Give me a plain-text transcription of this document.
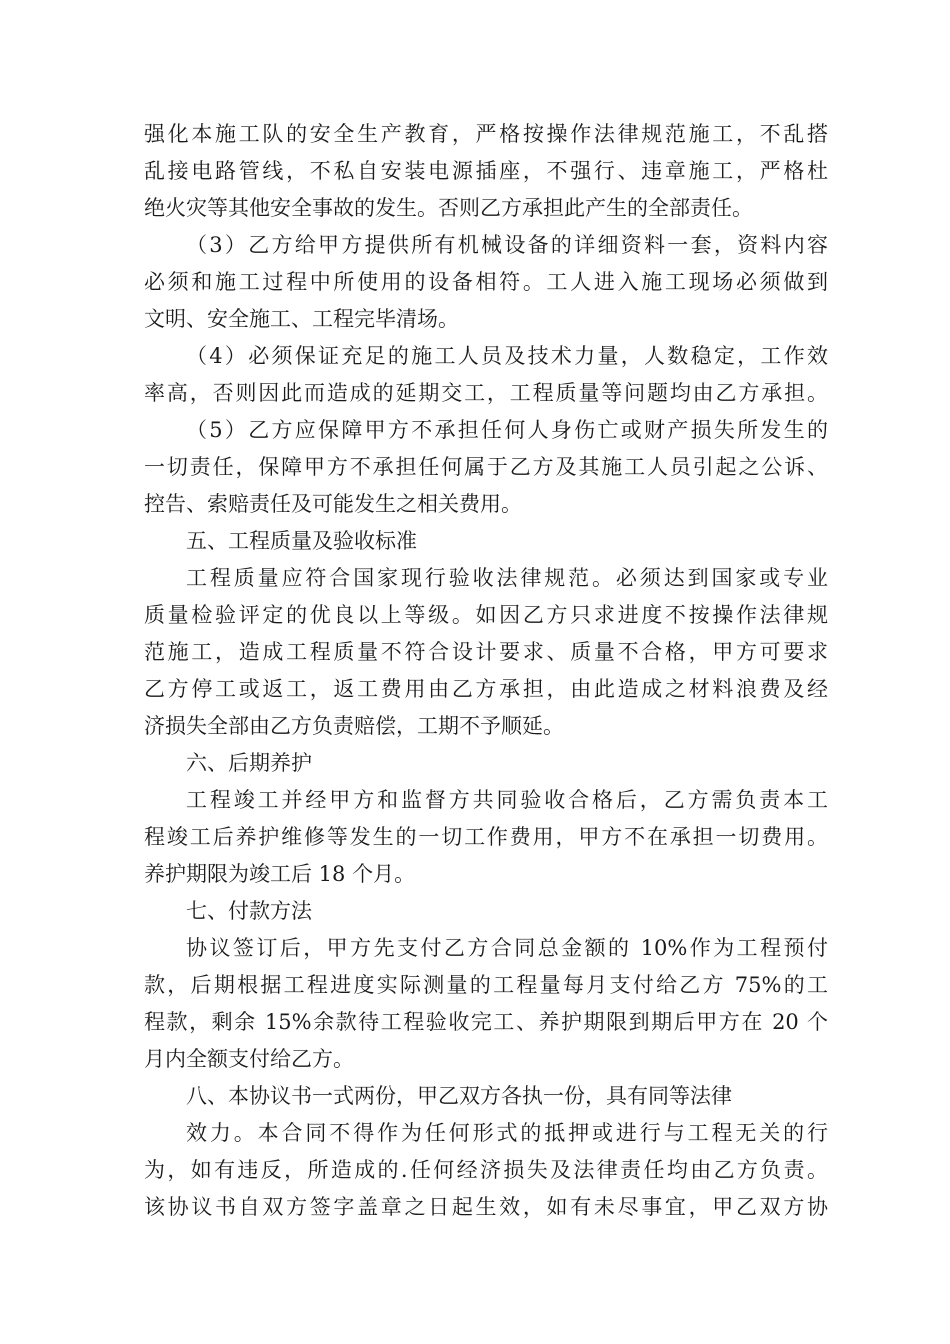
强化本施工队的安全生产教育，严格按操作法律规范施工，不乱搭
乱接电路管线，不私自安装电源插座，不强行、违章施工，严格杜
绝火灾等其他安全事故的发生。否则乙方承担此产生的全部责任。
（3）乙方给甲方提供所有机械设备的详细资料一套，资料内容
必须和施工过程中所使用的设备相符。工人进入施工现场必须做到
文明、安全施工、工程完毕清场。
（4）必须保证充足的施工人员及技术力量，人数稳定，工作效
率高，否则因此而造成的延期交工，工程质量等问题均由乙方承担。
（5）乙方应保障甲方不承担任何人身伤亡或财产损失所发生的
一切责任，保障甲方不承担任何属于乙方及其施工人员引起之公诉、
控告、索赔责任及可能发生之相关费用。
五、工程质量及验收标准
工程质量应符合国家现行验收法律规范。必须达到国家或专业
质量检验评定的优良以上等级。如因乙方只求进度不按操作法律规
范施工，造成工程质量不符合设计要求、质量不合格，甲方可要求
乙方停工或返工，返工费用由乙方承担，由此造成之材料浪费及经
济损失全部由乙方负责赔偿，工期不予顺延。
六、后期养护
工程竣工并经甲方和监督方共同验收合格后，乙方需负责本工
程竣工后养护维修等发生的一切工作费用，甲方不在承担一切费用。
养护期限为竣工后 18 个月。
七、付款方法
协议签订后，甲方先支付乙方合同总金额的 10%作为工程预付
款，后期根据工程进度实际测量的工程量每月支付给乙方 75%的工
程款，剩余 15%余款待工程验收完工、养护期限到期后甲方在 20 个
月内全额支付给乙方。
八、本协议书一式两份，甲乙双方各执一份，具有同等法律
效力。本合同不得作为任何形式的抵押或进行与工程无关的行
为，如有违反，所造成的.任何经济损失及法律责任均由乙方负责。
该协议书自双方签字盖章之日起生效，如有未尽事宜，甲乙双方协
